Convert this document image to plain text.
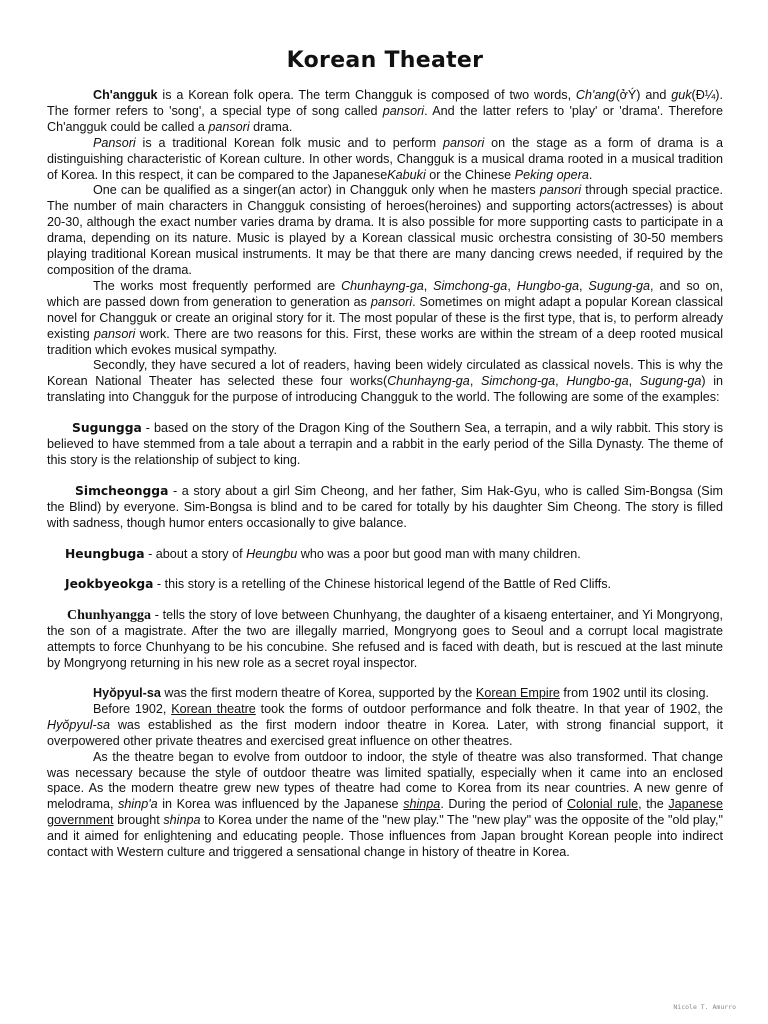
Korean Theater

Ch'angguk is a Korean folk opera. The term Changguk is composed of two words, Ch'ang(ởÝ) and guk(Ð¼). The former refers to 'song', a special type of song called pansori. And the latter refers to 'play' or 'drama'. Therefore Ch'angguk could be called a pansori drama.

Pansori is a traditional Korean folk music and to perform pansori on the stage as a form of drama is a distinguishing characteristic of Korean culture. In other words, Changguk is a musical drama rooted in a musical tradition of Korea. In this respect, it can be compared to the JapaneseKabuki or the Chinese Peking opera.

One can be qualified as a singer(an actor) in Changguk only when he masters pansori through special practice. The number of main characters in Changguk consisting of heroes(heroines) and supporting actors(actresses) is about 20-30, although the exact number varies drama by drama. It is also possible for more supporting casts to participate in a drama, depending on its nature. Music is played by a Korean classical music orchestra consisting of 30-50 members playing traditional Korean musical instruments. It may be that there are many dancing crews needed, if required by the composition of the drama.

The works most frequently performed are Chunhayng-ga, Simchong-ga, Hungbo-ga, Sugung-ga, and so on, which are passed down from generation to generation as pansori. Sometimes on might adapt a popular Korean classical novel for Changguk or create an original story for it. The most popular of these is the first type, that is, to perform already existing pansori work. There are two reasons for this. First, these works are within the stream of a deep rooted musical tradition which evokes musical sympathy.

Secondly, they have secured a lot of readers, having been widely circulated as classical novels. This is why the Korean National Theater has selected these four works(Chunhayng-ga, Simchong-ga, Hungbo-ga, Sugung-ga) in translating into Changguk for the purpose of introducing Changguk to the world. The following are some of the examples:

Sugungga - based on the story of the Dragon King of the Southern Sea, a terrapin, and a wily rabbit. This story is believed to have stemmed from a tale about a terrapin and a rabbit in the early period of the Silla Dynasty. The theme of this story is the relationship of subject to king.

Simcheongga - a story about a girl Sim Cheong, and her father, Sim Hak-Gyu, who is called Sim-Bongsa (Sim the Blind) by everyone. Sim-Bongsa is blind and to be cared for totally by his daughter Sim Cheong. The story is filled with sadness, though humor enters occasionally to give balance.

Heungbuga - about a story of Heungbu who was a poor but good man with many children.

Jeokbyeokga - this story is a retelling of the Chinese historical legend of the Battle of Red Cliffs.

Chunhyangga - tells the story of love between Chunhyang, the daughter of a kisaeng entertainer, and Yi Mongryong, the son of a magistrate. After the two are illegally married, Mongryong goes to Seoul and a corrupt local magistrate attempts to force Chunhyang to be his concubine. She refused and is faced with death, but is rescued at the last minute by Mongryong returning in his new role as a secret royal inspector.

Hyŏpyul-sa was the first modern theatre of Korea, supported by the Korean Empire from 1902 until its closing.

Before 1902, Korean theatre took the forms of outdoor performance and folk theatre. In that year of 1902, the Hyŏpyul-sa was established as the first modern indoor theatre in Korea. Later, with strong financial support, it overpowered other private theatres and exercised great influence on other theatres.

As the theatre began to evolve from outdoor to indoor, the style of theatre was also transformed. That change was necessary because the style of outdoor theatre was limited spatially, especially when it came into an enclosed space. As the modern theatre grew new types of theatre had come to Korea from its near countries. A new genre of melodrama, shinp'a in Korea was influenced by the Japanese shinpa. During the period of Colonial rule, the Japanese government brought shinpa to Korea under the name of the "new play." The "new play" was the opposite of the "old play," and it aimed for enlightening and educating people. Those influences from Japan brought Korean people into indirect contact with Western culture and triggered a sensational change in history of theatre in Korea.

Nicole T. Amurro
